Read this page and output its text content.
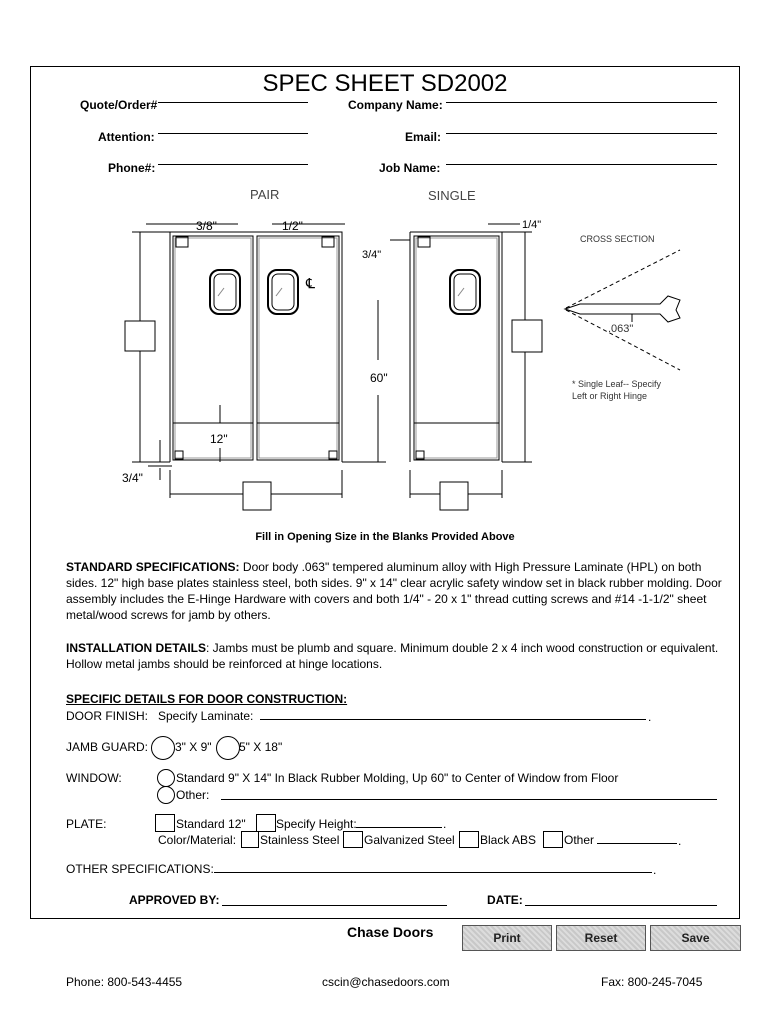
SPEC SHEET SD2002
Quote/Order#	Company Name:
Attention:	Email:
Phone#:	Job Name:
PAIR	SINGLE
3/8"	1/2"	1/4"
3/4"
60"
12"
3/4"
℄
CROSS SECTION
.063"
* Single Leaf-- Specify
Left or Right Hinge
Fill in Opening Size in the Blanks Provided Above
STANDARD SPECIFICATIONS: Door body .063" tempered aluminum alloy with High Pressure Laminate (HPL) on both
sides. 12" high base plates stainless steel, both sides. 9" x 14" clear acrylic safety window set in black rubber molding. Door
assembly includes the E-Hinge Hardware with covers and both 1/4" - 20 x 1" thread cutting screws and #14 -1-1/2" sheet
metal/wood screws for jamb by others.
INSTALLATION DETAILS: Jambs must be plumb and square. Minimum double 2 x 4 inch wood construction or equivalent.
Hollow metal jambs should be reinforced at hinge locations.
SPECIFIC DETAILS FOR DOOR CONSTRUCTION:
DOOR FINISH: Specify Laminate:	.
JAMB GUARD: 3" X 9" 5" X 18"
WINDOW:	Standard 9" X 14" In Black Rubber Molding, Up 60" to Center of Window from Floor
Other:
PLATE:	Standard 12"	Specify Height:	.
Color/Material: Stainless Steel Galvanized Steel Black ABS Other	.
OTHER SPECIFICATIONS:	.
APPROVED BY:	DATE:
Chase Doors	Print	Reset	Save
Phone: 800-543-4455	cscin@chasedoors.com	Fax: 800-245-7045
